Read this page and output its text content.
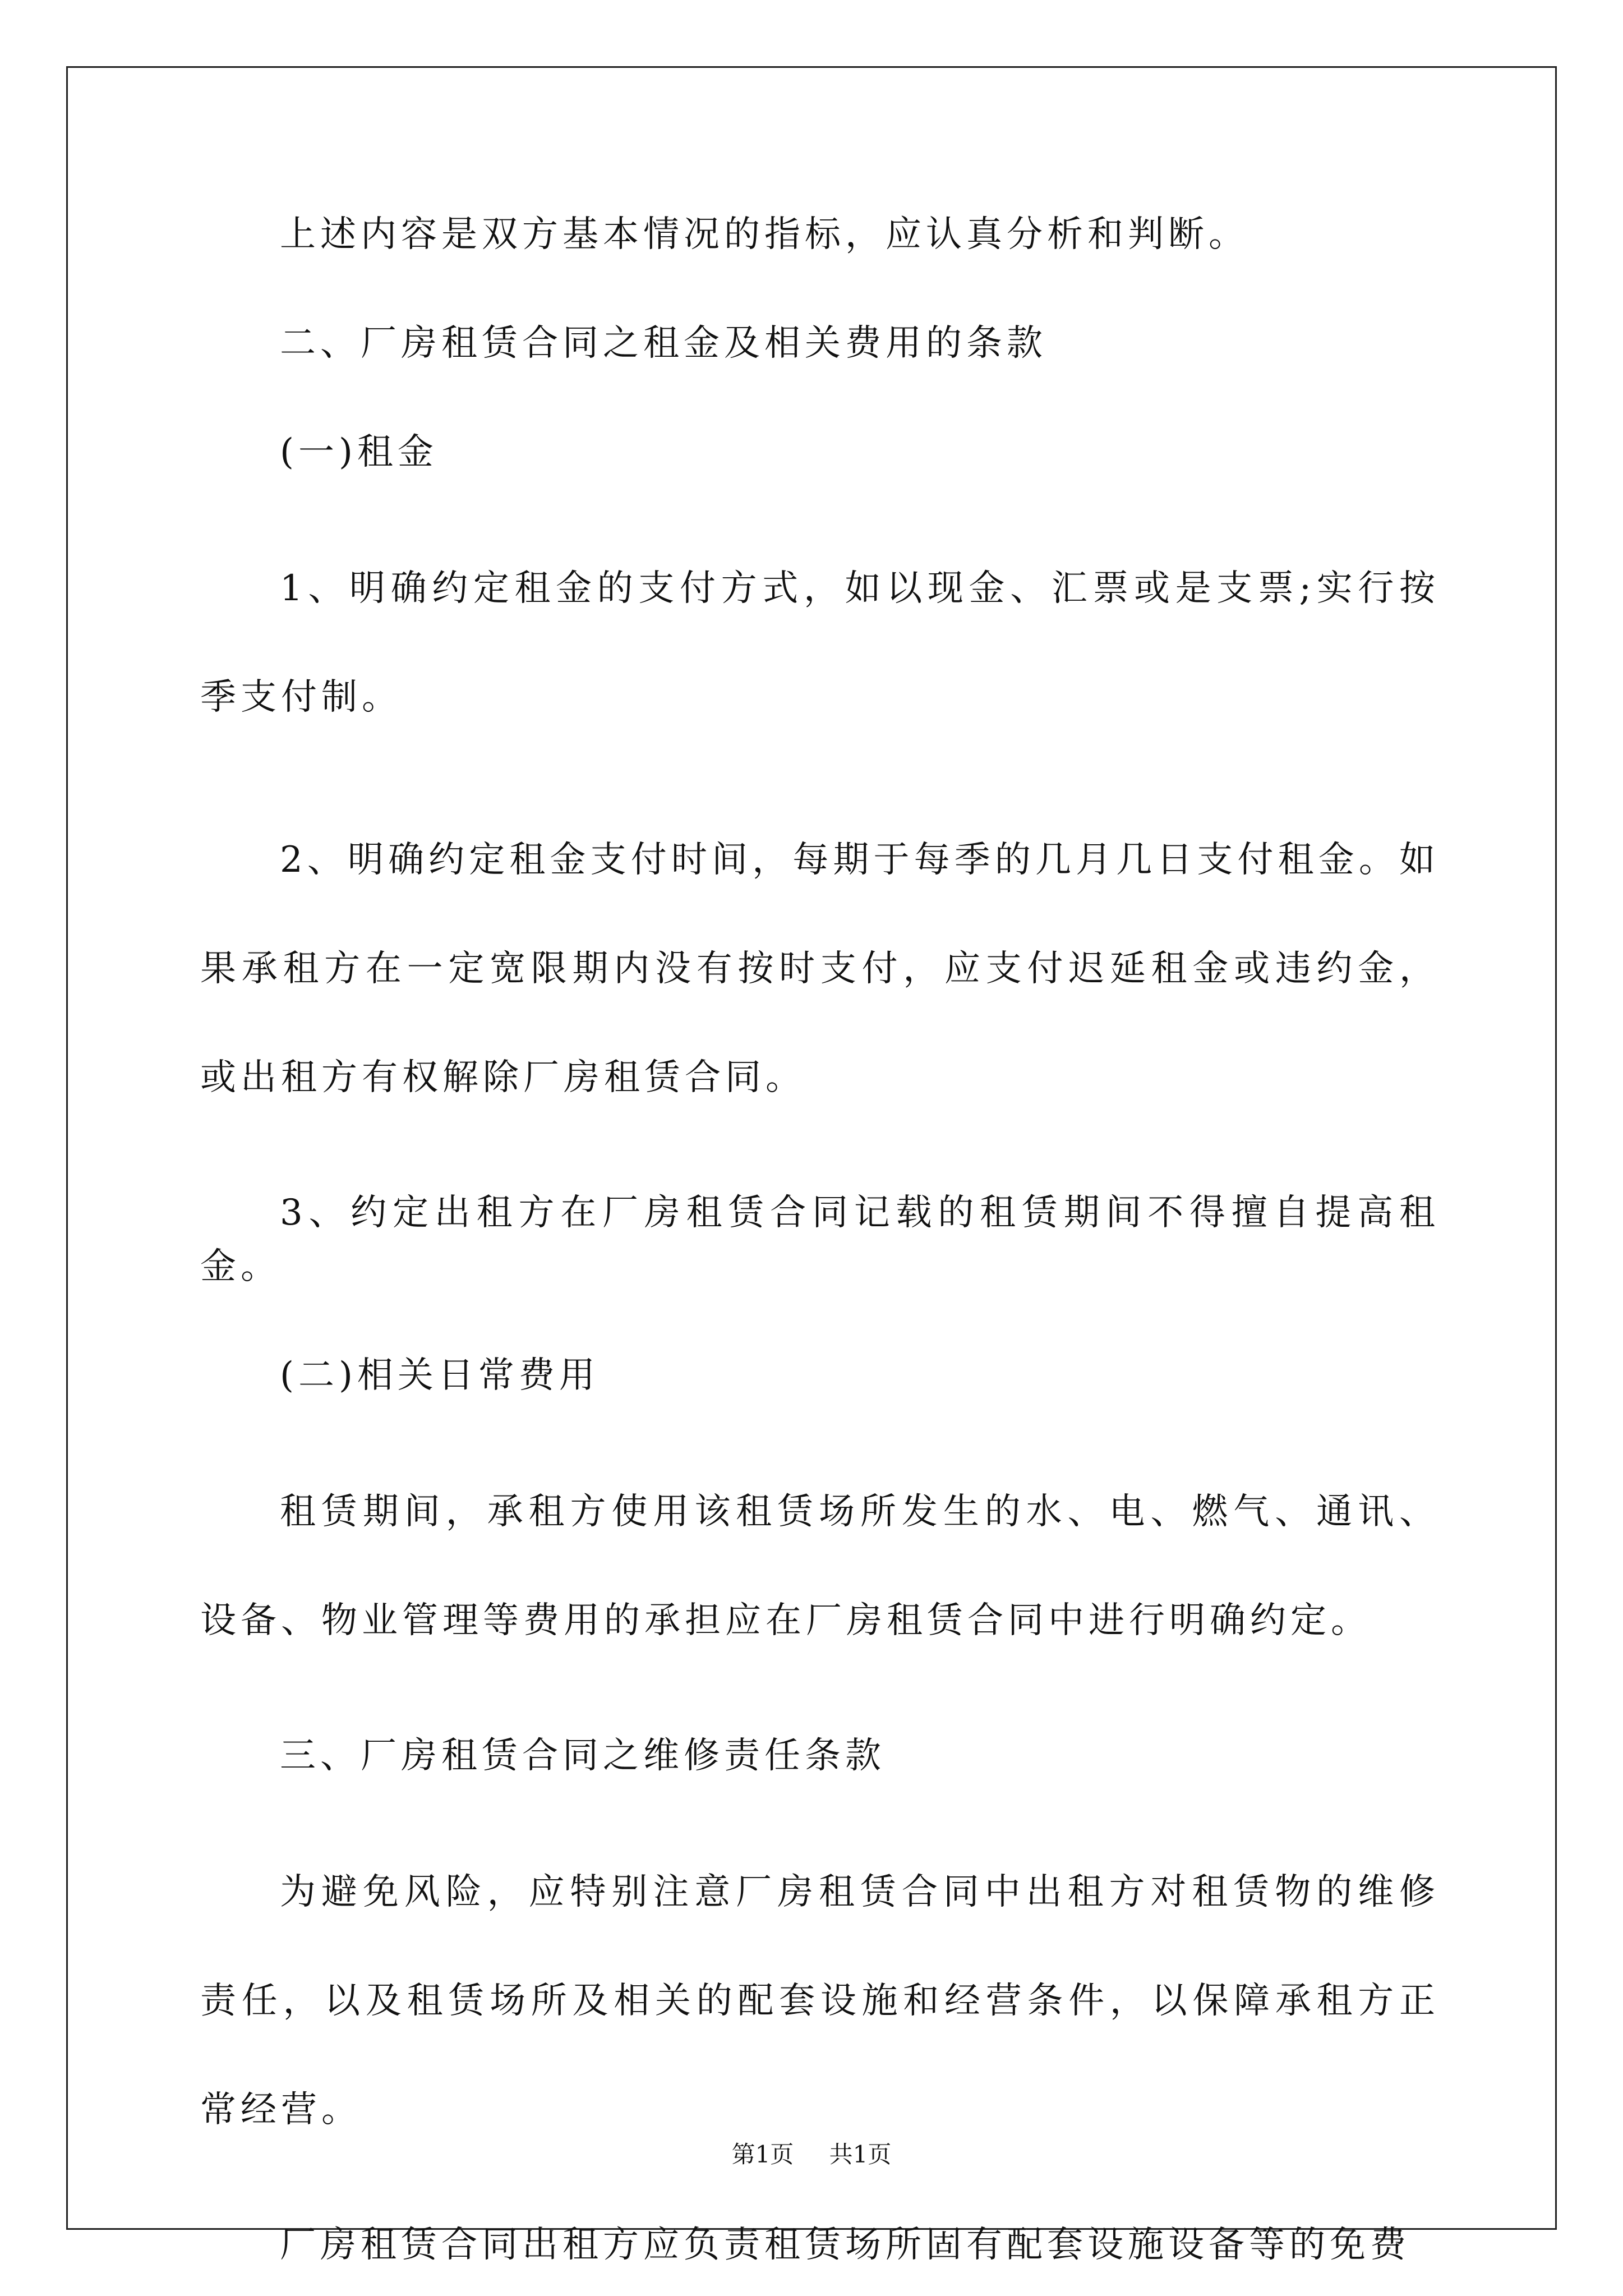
上述内容是双方基本情况的指标，应认真分析和判断。

二、厂房租赁合同之租金及相关费用的条款

(一)租金

1、明确约定租金的支付方式，如以现金、汇票或是支票;实行按季支付制。

2、明确约定租金支付时间，每期于每季的几月几日支付租金。如果承租方在一定宽限期内没有按时支付，应支付迟延租金或违约金，或出租方有权解除厂房租赁合同。

3、约定出租方在厂房租赁合同记载的租赁期间不得擅自提高租金。

(二)相关日常费用

租赁期间，承租方使用该租赁场所发生的水、电、燃气、通讯、设备、物业管理等费用的承担应在厂房租赁合同中进行明确约定。

三、厂房租赁合同之维修责任条款

为避免风险，应特别注意厂房租赁合同中出租方对租赁物的维修责任，以及租赁场所及相关的配套设施和经营条件，以保障承租方正常经营。

厂房租赁合同出租方应负责租赁场所固有配套设施设备等的免费

第1页 共1页
